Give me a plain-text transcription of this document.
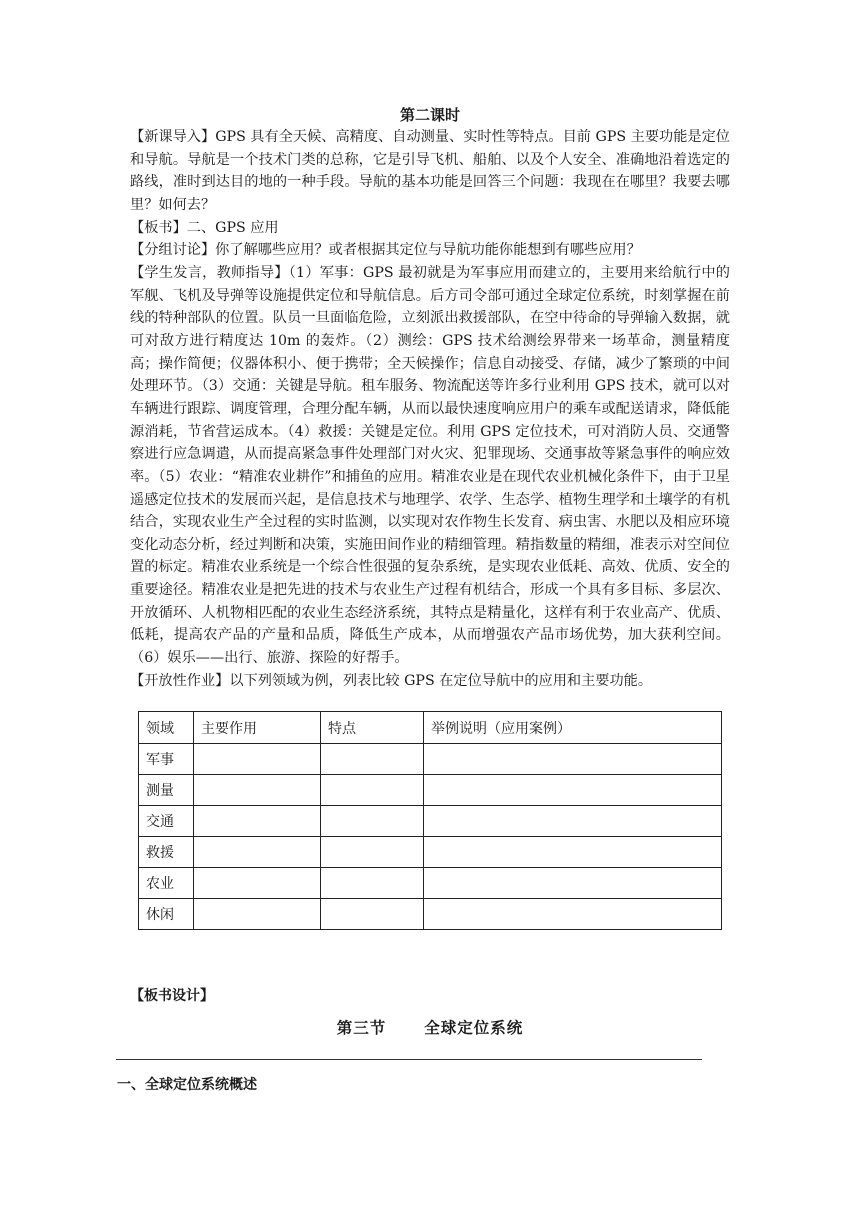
第二课时

【新课导入】GPS 具有全天候、高精度、自动测量、实时性等特点。目前 GPS 主要功能是定位和导航。导航是一个技术门类的总称，它是引导飞机、船舶、以及个人安全、准确地沿着选定的路线，准时到达目的地的一种手段。导航的基本功能是回答三个问题：我现在在哪里？我要去哪里？如何去？

【板书】二、GPS 应用

【分组讨论】你了解哪些应用？或者根据其定位与导航功能你能想到有哪些应用？

【学生发言，教师指导】（1）军事：GPS 最初就是为军事应用而建立的，主要用来给航行中的军舰、飞机及导弹等设施提供定位和导航信息。后方司令部可通过全球定位系统，时刻掌握在前线的特种部队的位置。队员一旦面临危险，立刻派出救援部队，在空中待命的导弹输入数据，就可对敌方进行精度达 10m 的轰炸。（2）测绘：GPS 技术给测绘界带来一场革命，测量精度高；操作简便；仪器体积小、便于携带；全天候操作；信息自动接受、存储，减少了繁琐的中间处理环节。（3）交通：关键是导航。租车服务、物流配送等许多行业利用 GPS 技术，就可以对车辆进行跟踪、调度管理，合理分配车辆，从而以最快速度响应用户的乘车或配送请求，降低能源消耗，节省营运成本。（4）救援：关键是定位。利用 GPS 定位技术，可对消防人员、交通警察进行应急调遣，从而提高紧急事件处理部门对火灾、犯罪现场、交通事故等紧急事件的响应效率。（5）农业：“精准农业耕作”和捕鱼的应用。精准农业是在现代农业机械化条件下，由于卫星遥感定位技术的发展而兴起，是信息技术与地理学、农学、生态学、植物生理学和土壤学的有机结合，实现农业生产全过程的实时监测，以实现对农作物生长发育、病虫害、水肥以及相应环境变化动态分析，经过判断和决策，实施田间作业的精细管理。精指数量的精细，准表示对空间位置的标定。精准农业系统是一个综合性很强的复杂系统，是实现农业低耗、高效、优质、安全的重要途径。精准农业是把先进的技术与农业生产过程有机结合，形成一个具有多目标、多层次、开放循环、人机物相匹配的农业生态经济系统，其特点是精量化，这样有利于农业高产、优质、低耗，提高农产品的产量和品质，降低生产成本，从而增强农产品市场优势，加大获利空间。（6）娱乐——出行、旅游、探险的好帮手。

【开放性作业】以下列领域为例，列表比较 GPS 在定位导航中的应用和主要功能。

领域	主要作用	特点	举例说明（应用案例）
军事			
测量			
交通			
救援			
农业			
休闲			
【板书设计】
第三节 全球定位系统
一、全球定位系统概述
